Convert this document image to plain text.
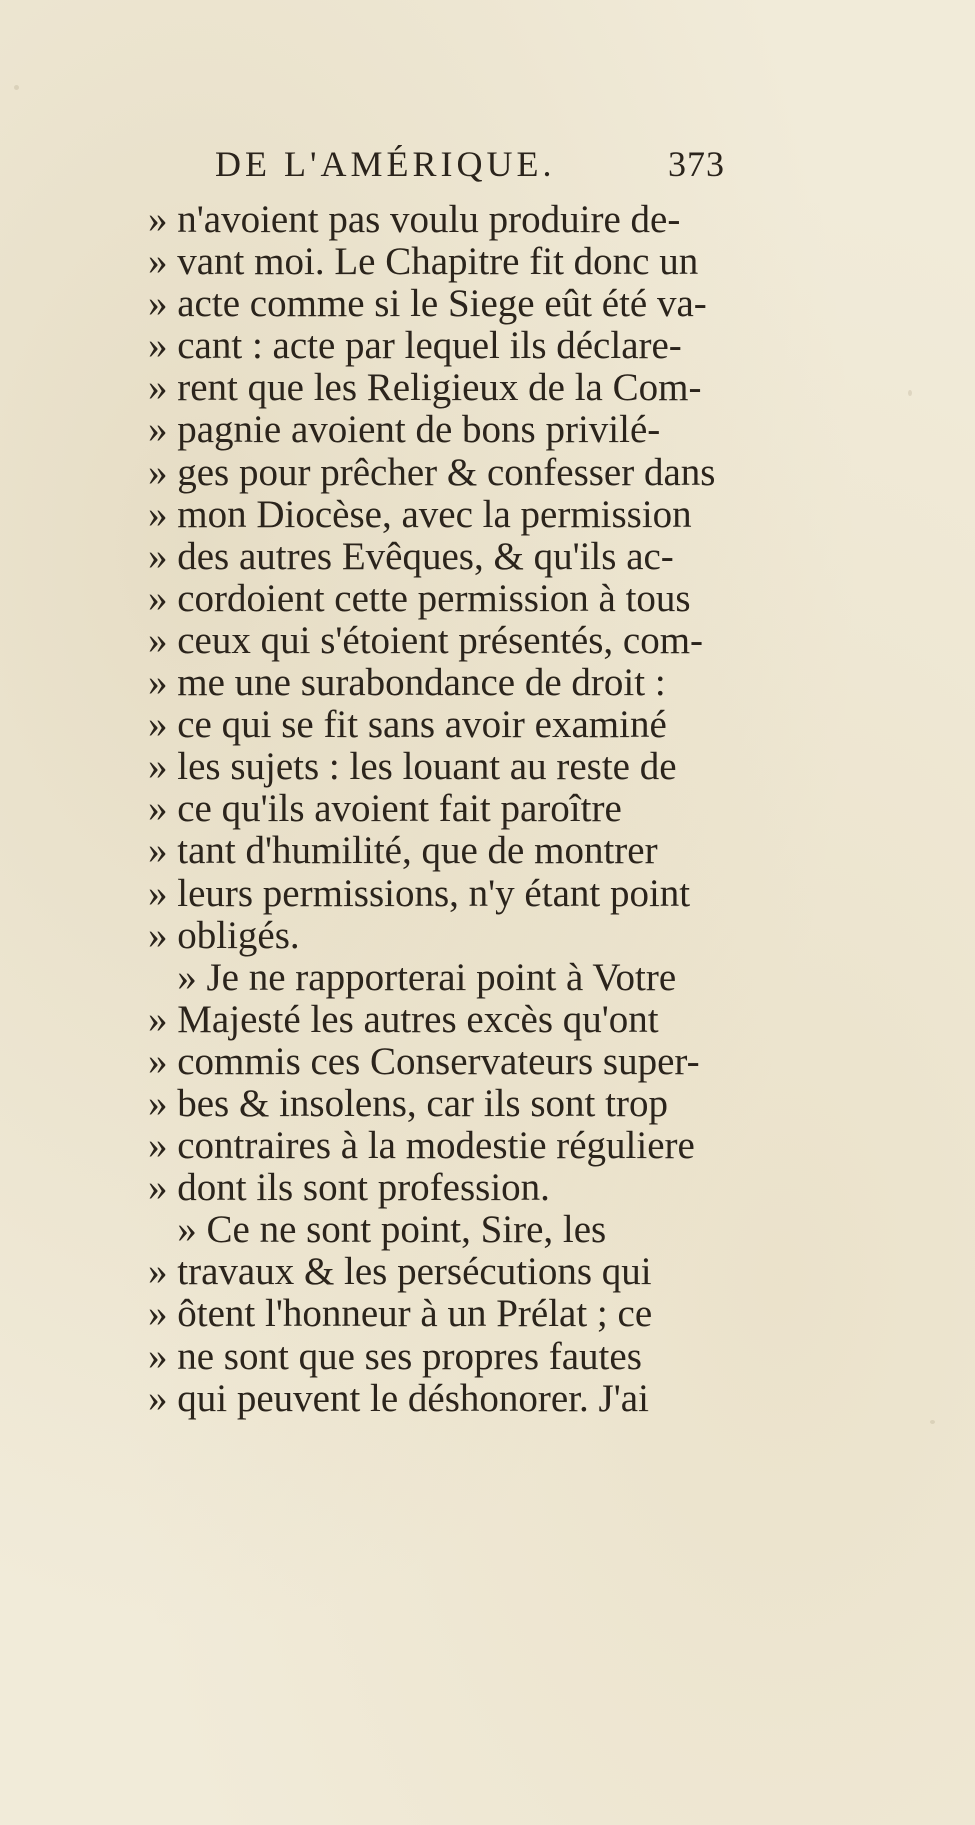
DE L'AMÉRIQUE.	373
» n'avoient pas voulu produire de-
» vant moi. Le Chapitre fit donc un
» acte comme si le Siege eût été va-
» cant : acte par lequel ils déclare-
» rent que les Religieux de la Com-
» pagnie avoient de bons privilé-
» ges pour prêcher & confesser dans
» mon Diocèse, avec la permission
» des autres Evêques, & qu'ils ac-
» cordoient cette permission à tous
» ceux qui s'étoient présentés, com-
» me une surabondance de droit :
» ce qui se fit sans avoir examiné
» les sujets : les louant au reste de
» ce qu'ils avoient fait paroître
» tant d'humilité, que de montrer
» leurs permissions, n'y étant point
» obligés.
» Je ne rapporterai point à Votre
» Majesté les autres excès qu'ont
» commis ces Conservateurs super-
» bes & insolens, car ils sont trop
» contraires à la modestie réguliere
» dont ils sont profession.
» Ce ne sont point, Sire, les
» travaux & les persécutions qui
» ôtent l'honneur à un Prélat ; ce
» ne sont que ses propres fautes
» qui peuvent le déshonorer. J'ai
